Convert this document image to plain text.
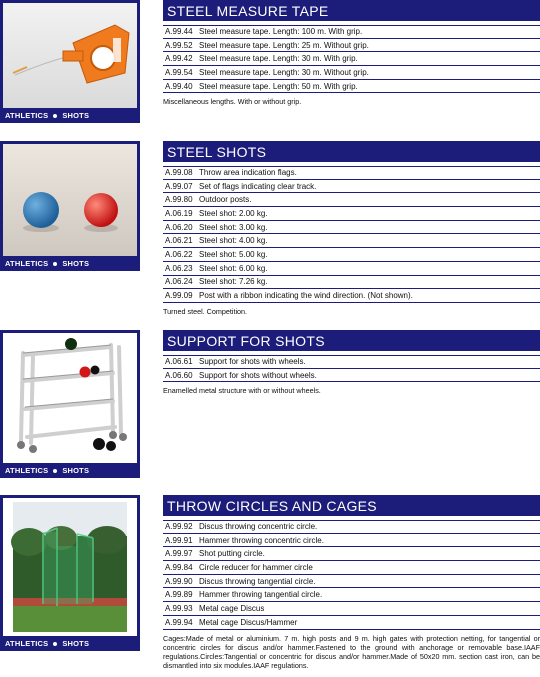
ATHLETICS SHOTS
STEEL MEASURE TAPE
A.99.44 Steel measure tape. Length: 100 m. With grip.
A.99.52 Steel measure tape. Length: 25 m. Without grip.
A.99.42 Steel measure tape. Length: 30 m. With grip.
A.99.54 Steel measure tape. Length: 30 m. Without grip.
A.99.40 Steel measure tape. Length: 50 m. With grip.
Miscellaneous lengths. With or without grip.
ATHLETICS SHOTS
STEEL SHOTS
A.99.08 Throw area indication flags.
A.99.07 Set of flags indicating clear track.
A.99.80 Outdoor posts.
A.06.19 Steel shot: 2.00 kg.
A.06.20 Steel shot: 3.00 kg.
A.06.21 Steel shot: 4.00 kg.
A.06.22 Steel shot: 5.00 kg.
A.06.23 Steel shot: 6.00 kg.
A.06.24 Steel shot: 7.26 kg.
A.99.09 Post with a ribbon indicating the wind direction. (Not shown).
Turned steel. Competition.
ATHLETICS SHOTS
SUPPORT FOR SHOTS
A.06.61 Support for shots with wheels.
A.06.60 Support for shots without wheels.
Enamelled metal structure with or without wheels.
ATHLETICS SHOTS
THROW CIRCLES AND CAGES
A.99.92 Discus throwing concentric circle.
A.99.91 Hammer throwing concentric circle.
A.99.97 Shot putting circle.
A.99.84 Circle reducer for hammer circle
A.99.90 Discus throwing tangential circle.
A.99.89 Hammer throwing tangential circle.
A.99.93 Metal cage Discus
A.99.94 Metal cage Discus/Hammer
Cages:Made of metal or aluminium. 7 m. high posts and 9 m. high gates with protection netting, for tangential or concentric circles for discus and/or hammer.Fastened to the ground with anchorage or removable base.IAAF regulations.Circles:Tangential or concentric for discus and/or hammer.Made of 50x20 mm. section cast iron, can be dismantled into six modules.IAAF regulations.
